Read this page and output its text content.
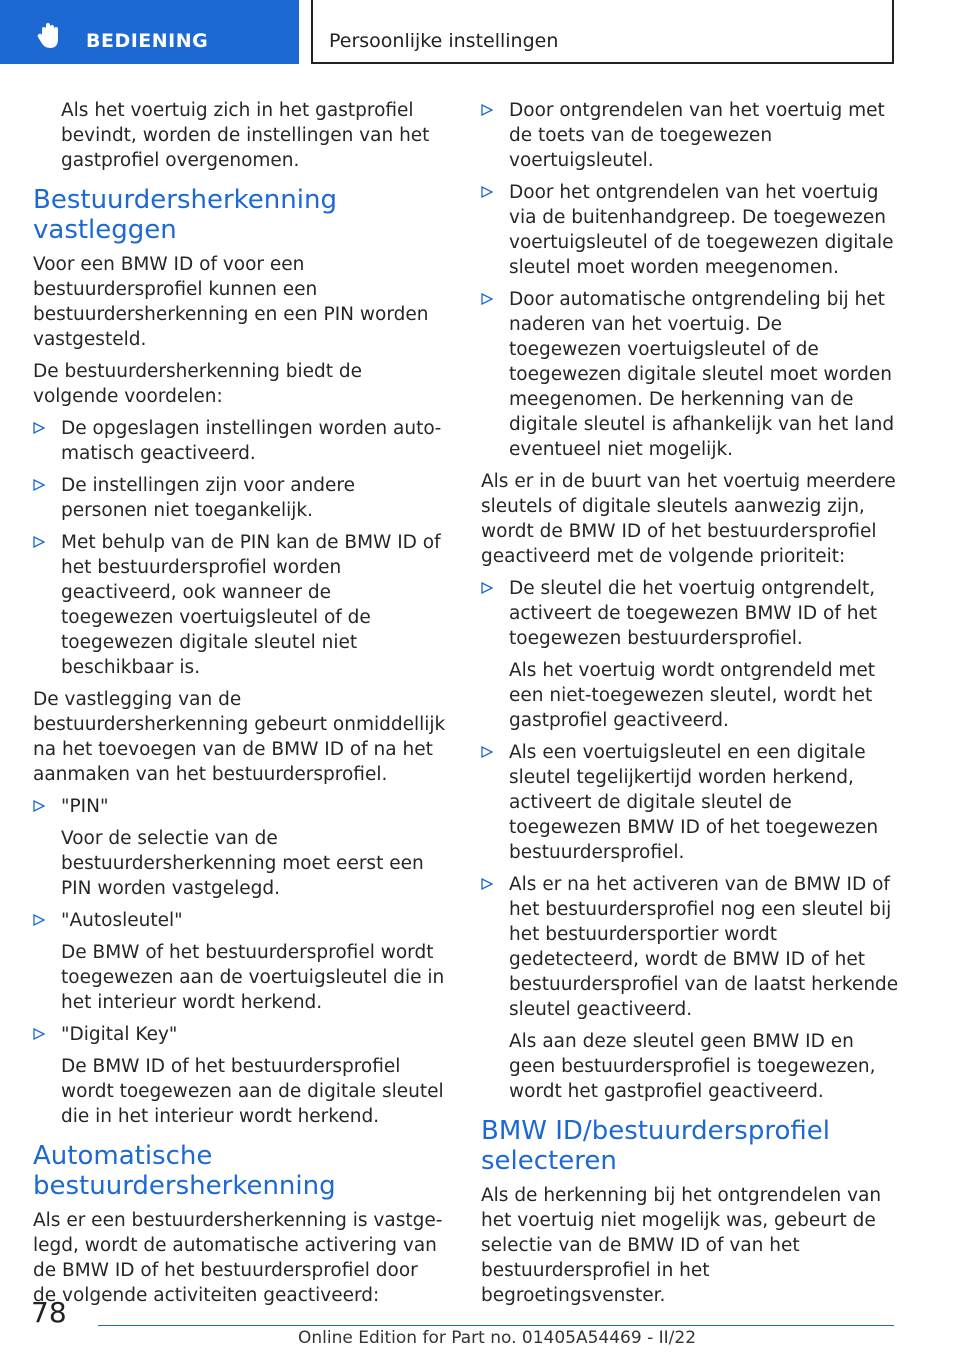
BEDIENING	Persoonlijke instellingen

Als het voertuig zich in het gastprofiel bevindt, worden de instellingen van het gastprofiel overgenomen.

Bestuurdersherkenning vastleggen

Voor een BMW ID of voor een bestuurdersprofiel kunnen een bestuurdersherkenning en een PIN worden vastgesteld.

De bestuurdersherkenning biedt de volgende voordelen:

De opgeslagen instellingen worden automatisch geactiveerd.

De instellingen zijn voor andere personen niet toegankelijk.

Met behulp van de PIN kan de BMW ID of het bestuurdersprofiel worden geactiveerd, ook wanneer de toegewezen voertuigsleutel of de toegewezen digitale sleutel niet beschikbaar is.

De vastlegging van de bestuurdersherkenning gebeurt onmiddellijk na het toevoegen van de BMW ID of na het aanmaken van het bestuurdersprofiel.

"PIN"

Voor de selectie van de bestuurdersherkenning moet eerst een PIN worden vastgelegd.

"Autosleutel"

De BMW of het bestuurdersprofiel wordt toegewezen aan de voertuigsleutel die in het interieur wordt herkend.

"Digital Key"

De BMW ID of het bestuurdersprofiel wordt toegewezen aan de digitale sleutel die in het interieur wordt herkend.

Automatische bestuurdersherkenning

Als er een bestuurdersherkenning is vastgelegd, wordt de automatische activering van de BMW ID of het bestuurdersprofiel door de volgende activiteiten geactiveerd:

Door ontgrendelen van het voertuig met de toets van de toegewezen voertuigsleutel.

Door het ontgrendelen van het voertuig via de buitenhandgreep. De toegewezen voertuigsleutel of de toegewezen digitale sleutel moet worden meegenomen.

Door automatische ontgrendeling bij het naderen van het voertuig. De toegewezen voertuigsleutel of de toegewezen digitale sleutel moet worden meegenomen. De herkenning van de digitale sleutel is afhankelijk van het land eventueel niet mogelijk.

Als er in de buurt van het voertuig meerdere sleutels of digitale sleutels aanwezig zijn, wordt de BMW ID of het bestuurdersprofiel geactiveerd met de volgende prioriteit:

De sleutel die het voertuig ontgrendelt, activeert de toegewezen BMW ID of het toegewezen bestuurdersprofiel.

Als het voertuig wordt ontgrendeld met een niet-toegewezen sleutel, wordt het gastprofiel geactiveerd.

Als een voertuigsleutel en een digitale sleutel tegelijkertijd worden herkend, activeert de digitale sleutel de toegewezen BMW ID of het toegewezen bestuurdersprofiel.

Als er na het activeren van de BMW ID of het bestuurdersprofiel nog een sleutel bij het bestuurdersportier wordt gedetecteerd, wordt de BMW ID of het bestuurdersprofiel van de laatst herkende sleutel geactiveerd.

Als aan deze sleutel geen BMW ID en geen bestuurdersprofiel is toegewezen, wordt het gastprofiel geactiveerd.

BMW ID/bestuurdersprofiel selecteren

Als de herkenning bij het ontgrendelen van het voertuig niet mogelijk was, gebeurt de selectie van de BMW ID of van het bestuurdersprofiel in het begroetingsvenster.

78
Online Edition for Part no. 01405A54469 - II/22
